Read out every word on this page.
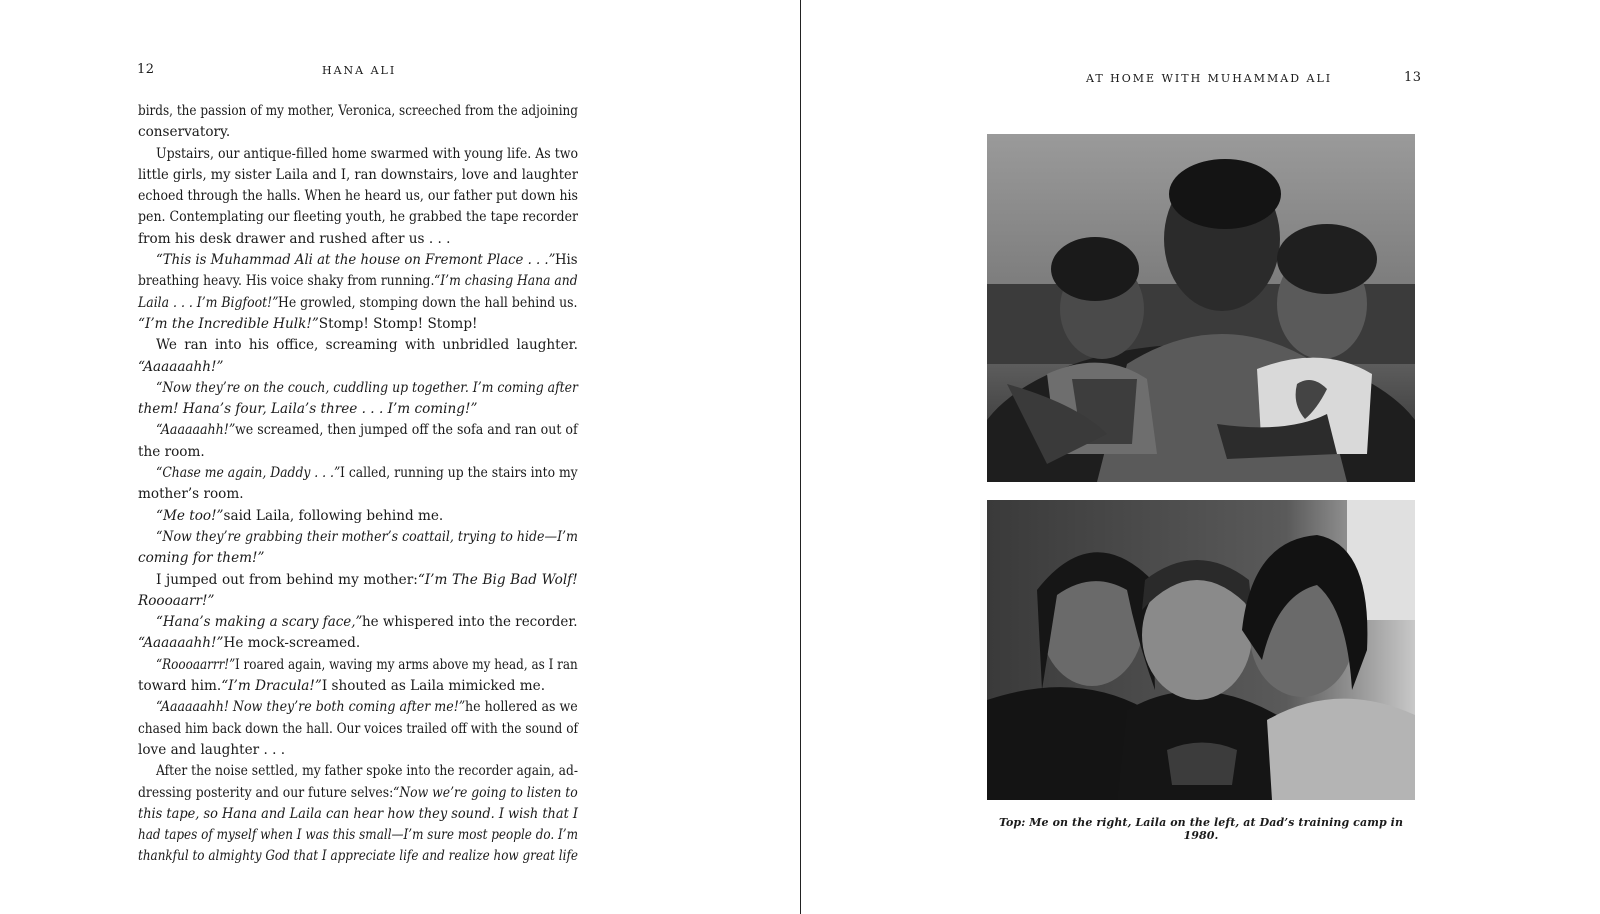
12	HANA ALI
birds, the passion of my mother, Veronica, screeched from the adjoining
conservatory.
Upstairs, our antique-filled home swarmed with young life. As two
little girls, my sister Laila and I, ran downstairs, love and laughter
echoed through the halls. When he heard us, our father put down his
pen. Contemplating our fleeting youth, he grabbed the tape recorder
from his desk drawer and rushed after us . . .
“This is Muhammad Ali at the house on Fremont Place . . .” His
breathing heavy. His voice shaky from running. “I’m chasing Hana and
Laila . . . I’m Bigfoot!” He growled, stomping down the hall behind us.
“I’m the Incredible Hulk!” Stomp! Stomp! Stomp!
We ran into his office, screaming with unbridled laughter.
“Aaaaaahh!”
“Now they’re on the couch, cuddling up together. I’m coming after
them! Hana’s four, Laila’s three . . . I’m coming!”
“Aaaaaahh!” we screamed, then jumped off the sofa and ran out of
the room.
“Chase me again, Daddy . . .” I called, running up the stairs into my
mother’s room.
“Me too!” said Laila, following behind me.
“Now they’re grabbing their mother’s coattail, trying to hide—I’m
coming for them!”
I jumped out from behind my mother: “I’m The Big Bad Wolf!
Roooaarr!”
“Hana’s making a scary face,” he whispered into the recorder.
“Aaaaaahh!” He mock-screamed.
“Roooaarrr!” I roared again, waving my arms above my head, as I ran
toward him. “I’m Dracula!” I shouted as Laila mimicked me.
“Aaaaaahh! Now they’re both coming after me!” he hollered as we
chased him back down the hall. Our voices trailed off with the sound of
love and laughter . . .
After the noise settled, my father spoke into the recorder again, ad-
dressing posterity and our future selves: “Now we’re going to listen to
this tape, so Hana and Laila can hear how they sound. I wish that I
had tapes of myself when I was this small—I’m sure most people do. I’m
thankful to almighty God that I appreciate life and realize how great life
AT HOME WITH MUHAMMAD ALI	13
Top: Me on the right, Laila on the left, at Dad’s training camp in 1980.
